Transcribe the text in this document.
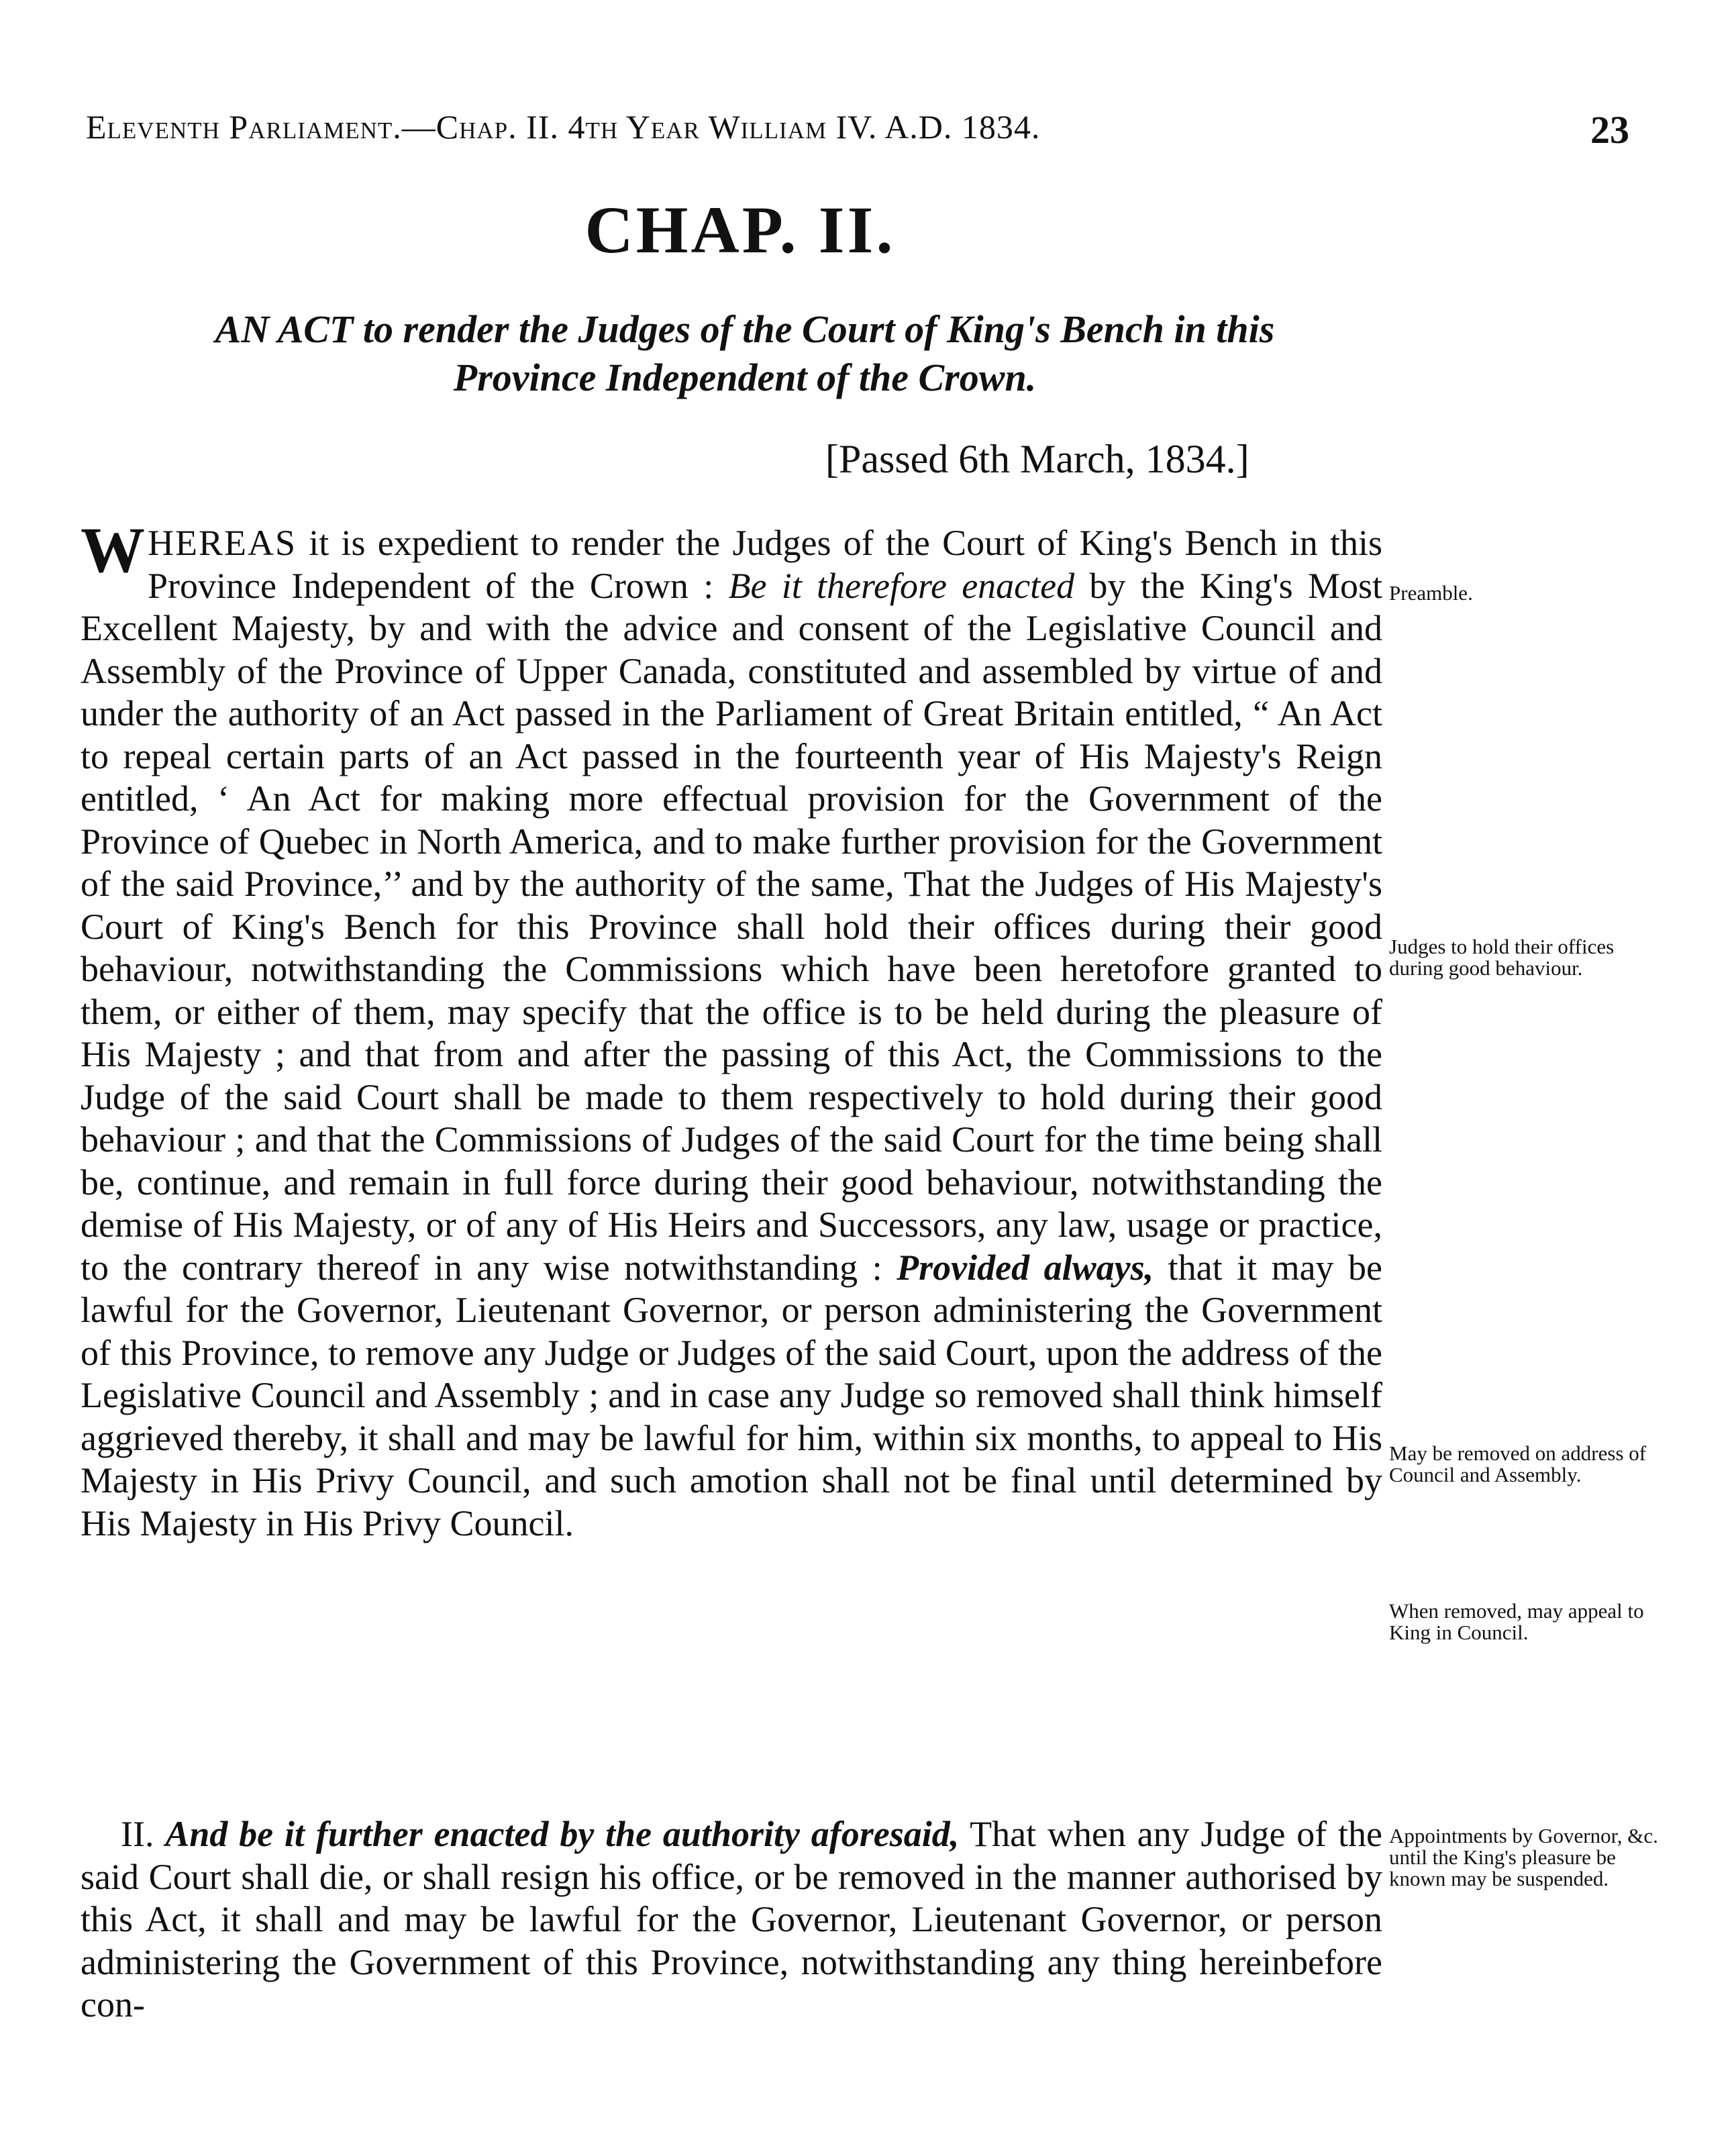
Eleventh Parliament.—Chap. II. 4th Year William IV. A.D. 1834.	23
CHAP. II.
AN ACT to render the Judges of the Court of King's Bench in this
Province Independent of the Crown.
[Passed 6th March, 1834.]
WHEREAS it is expedient to render the Judges of the Court of King's Bench in this Province Independent of the Crown : Be it therefore enacted by the King's Most Excellent Majesty, by and with the advice and consent of the Legislative Council and Assembly of the Province of Upper Canada, constituted and assembled by virtue of and under the authority of an Act passed in the Parliament of Great Britain entitled, “ An Act to repeal certain parts of an Act passed in the fourteenth year of His Majesty's Reign entitled, ‘ An Act for making more effectual provision for the Government of the Province of Quebec in North America, and to make further provision for the Government of the said Province,’’ and by the authority of the same, That the Judges of His Majesty's Court of King's Bench for this Province shall hold their offices during their good behaviour, notwithstanding the Commissions which have been heretofore granted to them, or either of them, may specify that the office is to be held during the pleasure of His Majesty ; and that from and after the passing of this Act, the Commissions to the Judge of the said Court shall be made to them respectively to hold during their good behaviour ; and that the Commissions of Judges of the said Court for the time being shall be, continue, and remain in full force during their good behaviour, notwithstanding the demise of His Majesty, or of any of His Heirs and Successors, any law, usage or practice, to the contrary thereof in any wise notwithstanding : Provided always, that it may be lawful for the Governor, Lieutenant Governor, or person administering the Government of this Province, to remove any Judge or Judges of the said Court, upon the address of the Legislative Council and Assembly ; and in case any Judge so removed shall think himself aggrieved thereby, it shall and may be lawful for him, within six months, to appeal to His Majesty in His Privy Council, and such amotion shall not be final until determined by His Majesty in His Privy Council.
II. And be it further enacted by the authority aforesaid, That when any Judge of the said Court shall die, or shall resign his office, or be removed in the manner authorised by this Act, it shall and may be lawful for the Governor, Lieutenant Governor, or person administering the Government of this Province, notwithstanding any thing hereinbefore con-
Preamble.
Judges to hold their offices during good behaviour.
May be removed on address of Council and Assembly.
When removed, may appeal to King in Council.
Appointments by Governor, &c. until the King's pleasure be known may be suspended.
